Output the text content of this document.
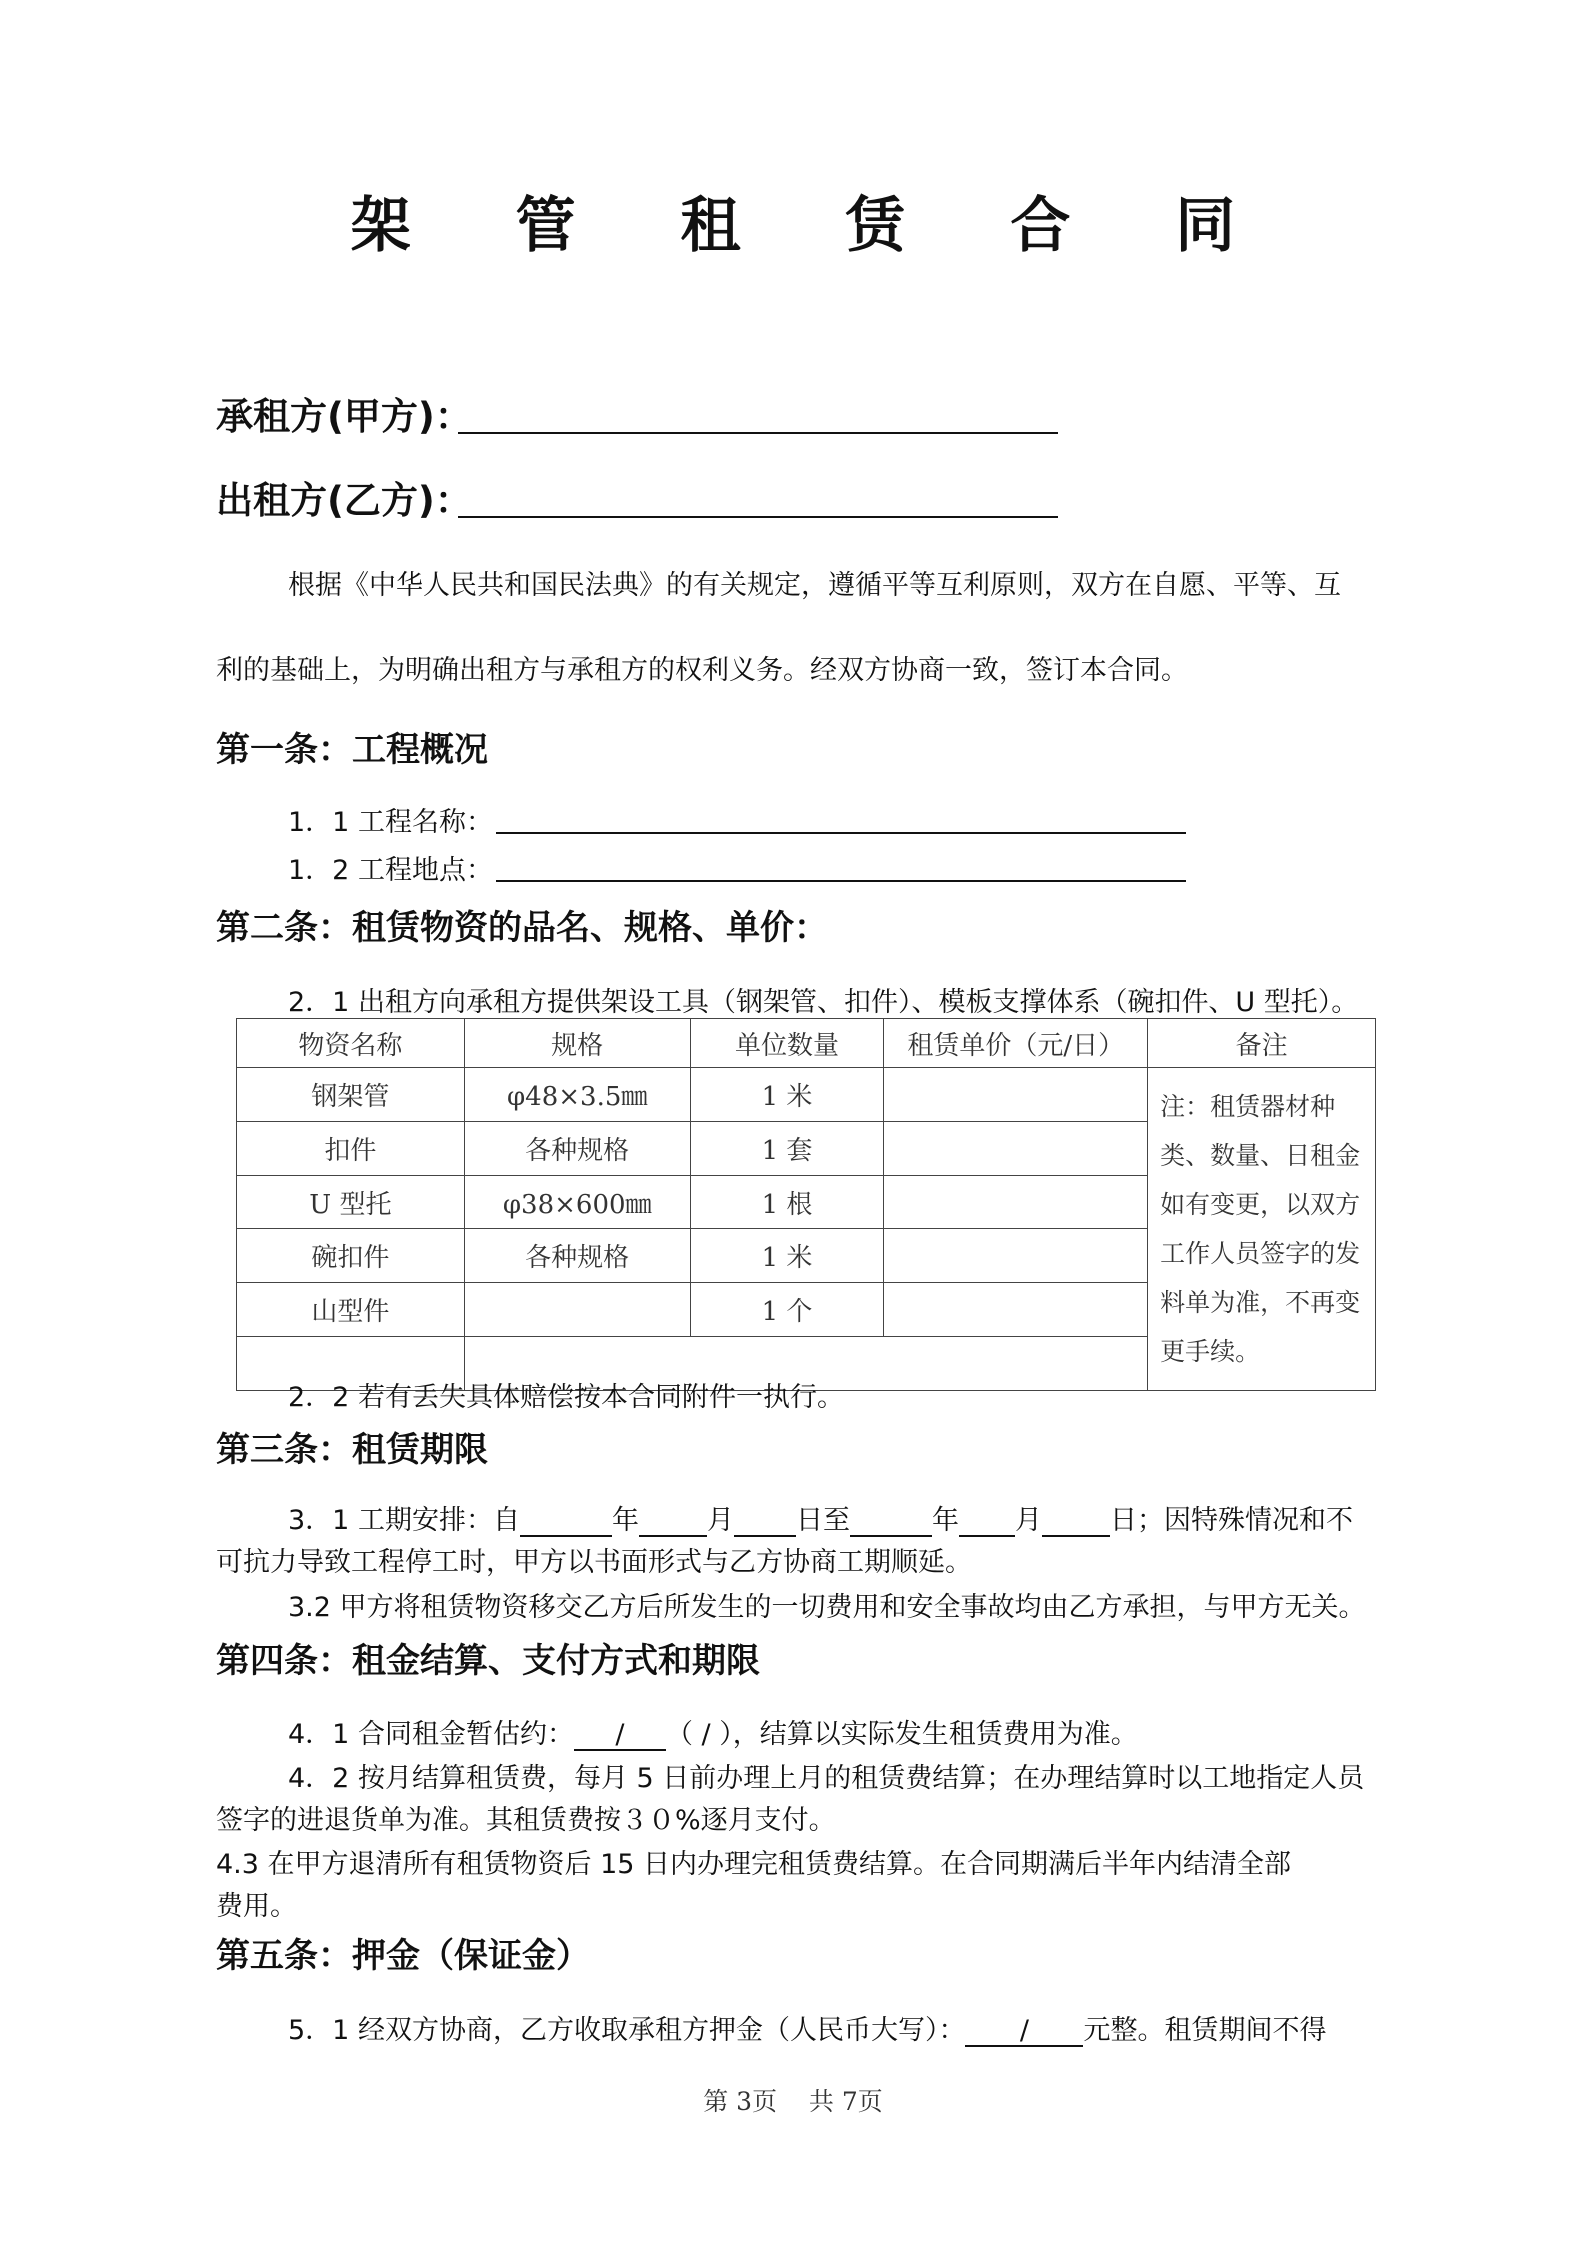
架 管 租 赁 合 同
承租方(甲方)：
出租方(乙方)：
根据《中华人民共和国民法典》的有关规定，遵循平等互利原则，双方在自愿、平等、互
利的基础上，为明确出租方与承租方的权利义务。经双方协商一致，签订本合同。
第一条：工程概况
1．1 工程名称：
1．2 工程地点：
第二条：租赁物资的品名、规格、单价：
2．1 出租方向承租方提供架设工具（钢架管、扣件）、模板支撑体系（碗扣件、U 型托）。
物资名称	规格	单位数量	租赁单价（元/日）	备注
钢架管	φ48×3.5㎜	1 米		注：租赁器材种类、数量、日租金如有变更，以双方工作人员签字的发料单为准，不再变更手续。
扣件	各种规格	1 套		
U 型托	φ38×600㎜	1 根		
碗扣件	各种规格	1 米		
山型件		1 个		

2．2 若有丢失具体赔偿按本合同附件一执行。
第三条：租赁期限
3．1 工期安排：自	年	月 日至	年 月	日；因特殊情况和不
可抗力导致工程停工时，甲方以书面形式与乙方协商工期顺延。
3.2 甲方将租赁物资移交乙方后所发生的一切费用和安全事故均由乙方承担，与甲方无关。
第四条：租金结算、支付方式和期限
4．1 合同租金暂估约： / （ / ），结算以实际发生租赁费用为准。
4．2 按月结算租赁费，每月 5 日前办理上月的租赁费结算；在办理结算时以工地指定人员
签字的进退货单为准。其租赁费按３０%逐月支付。
4.3 在甲方退清所有租赁物资后 15 日内办理完租赁费结算。在合同期满后半年内结清全部
费用。
第五条：押金（保证金）
5．1 经双方协商，乙方收取承租方押金（人民币大写）： / 元整。租赁期间不得
第 3页 共 7页
